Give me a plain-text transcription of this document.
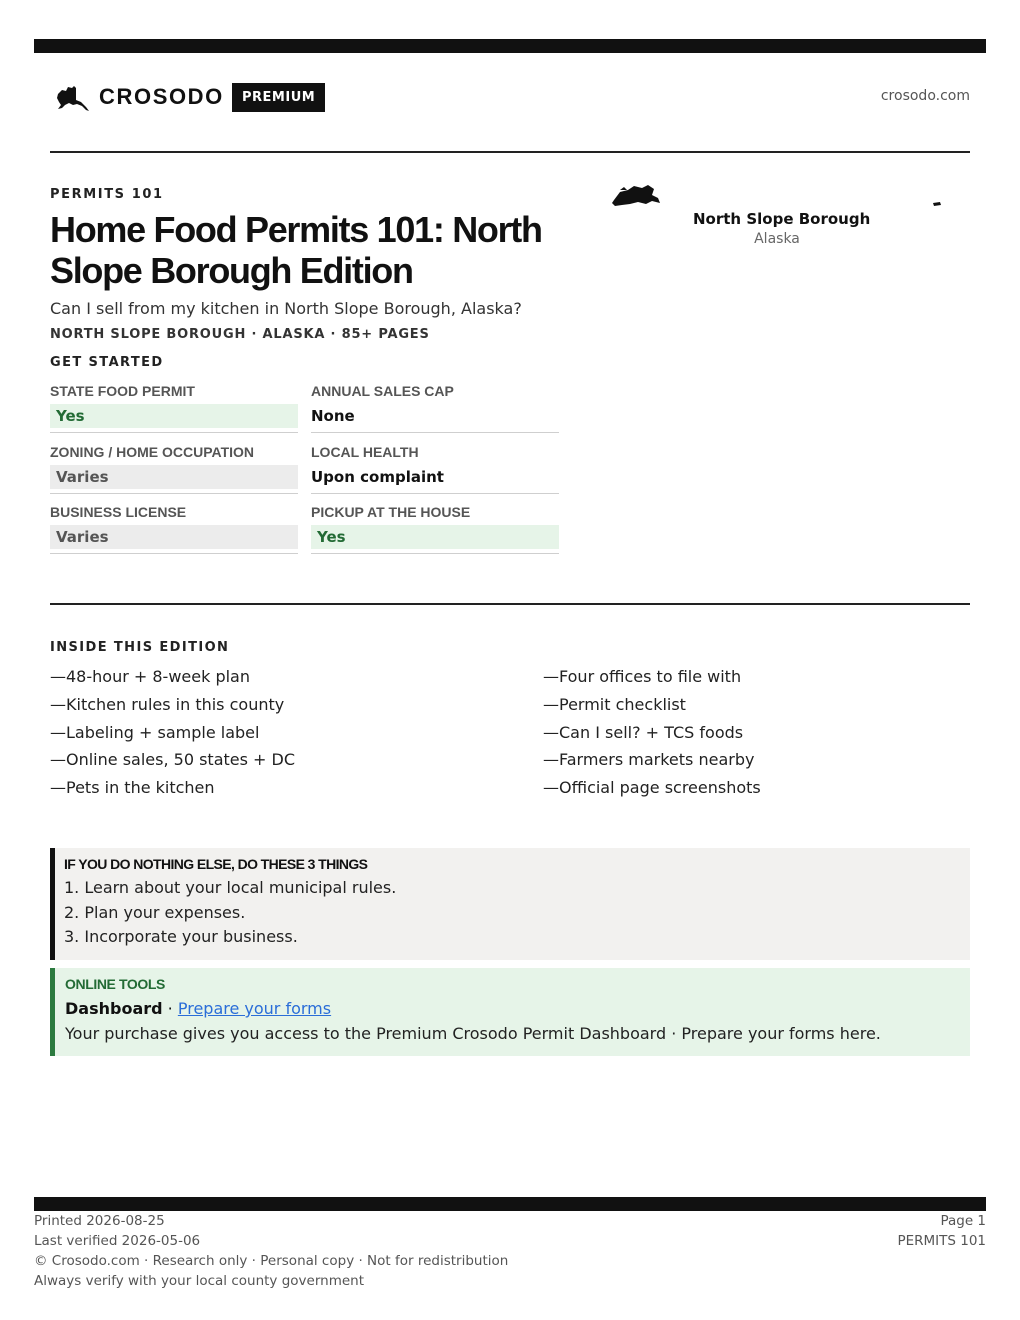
CROSODO	PREMIUM	crosodo.com
PERMITS 101
Home Food Permits 101: North Slope Borough Edition
Can I sell from my kitchen in North Slope Borough, Alaska?
NORTH SLOPE BOROUGH · ALASKA · 85+ PAGES
GET STARTED
STATE FOOD PERMIT
Yes
ANNUAL SALES CAP
None
ZONING / HOME OCCUPATION
Varies
LOCAL HEALTH
Upon complaint
BUSINESS LICENSE
Varies
PICKUP AT THE HOUSE
Yes
North Slope Borough
Alaska
INSIDE THIS EDITION
—48-hour + 8-week plan
—Kitchen rules in this county
—Labeling + sample label
—Online sales, 50 states + DC
—Pets in the kitchen
—Four offices to file with
—Permit checklist
—Can I sell? + TCS foods
—Farmers markets nearby
—Official page screenshots
IF YOU DO NOTHING ELSE, DO THESE 3 THINGS
1. Learn about your local municipal rules.
2. Plan your expenses.
3. Incorporate your business.
ONLINE TOOLS
Dashboard · Prepare your forms
Your purchase gives you access to the Premium Crosodo Permit Dashboard · Prepare your forms here.
Printed 2026-08-25
Last verified 2026-05-06
© Crosodo.com · Research only · Personal copy · Not for redistribution
Always verify with your local county government
Page 1
PERMITS 101
